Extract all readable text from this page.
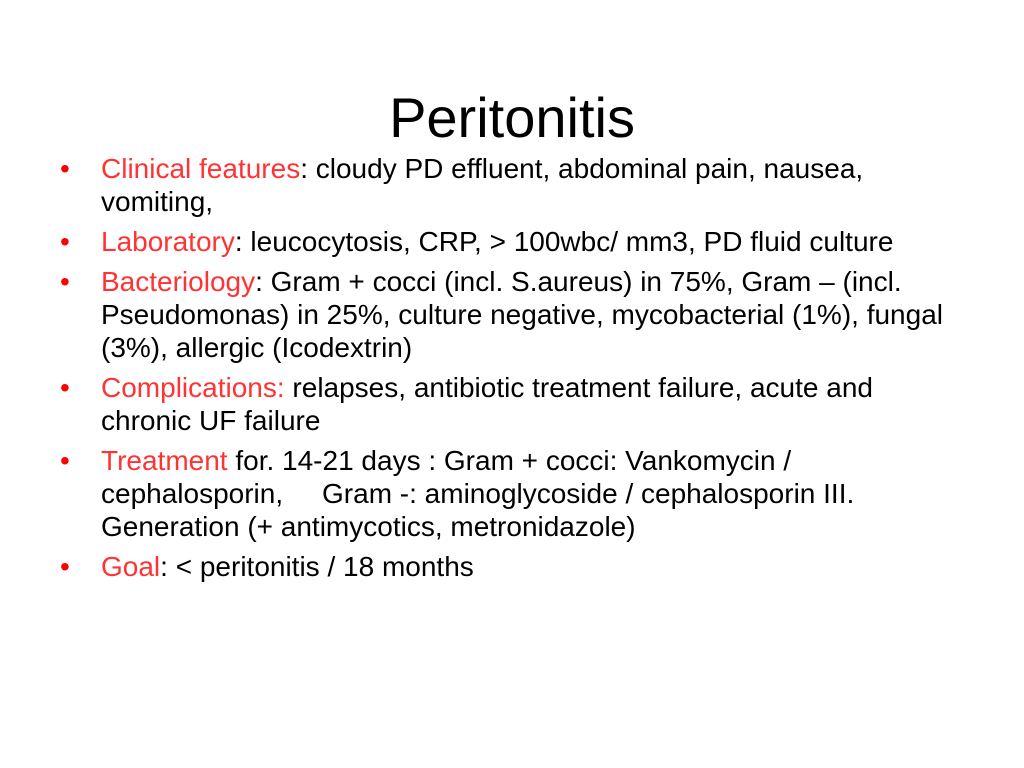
Peritonitis
• Clinical features: cloudy PD effluent, abdominal pain, nausea, vomiting,
• Laboratory: leucocytosis, CRP, > 100wbc/ mm3, PD fluid culture
• Bacteriology: Gram + cocci (incl. S.aureus) in 75%, Gram – (incl. Pseudomonas) in 25%, culture negative, mycobacterial (1%), fungal (3%), allergic (Icodextrin)
• Complications: relapses, antibiotic treatment failure, acute and chronic UF failure
• Treatment for. 14-21 days : Gram + cocci: Vankomycin / cephalosporin,     Gram -: aminoglycoside / cephalosporin III. Generation (+ antimycotics, metronidazole)
• Goal: < peritonitis / 18 months
